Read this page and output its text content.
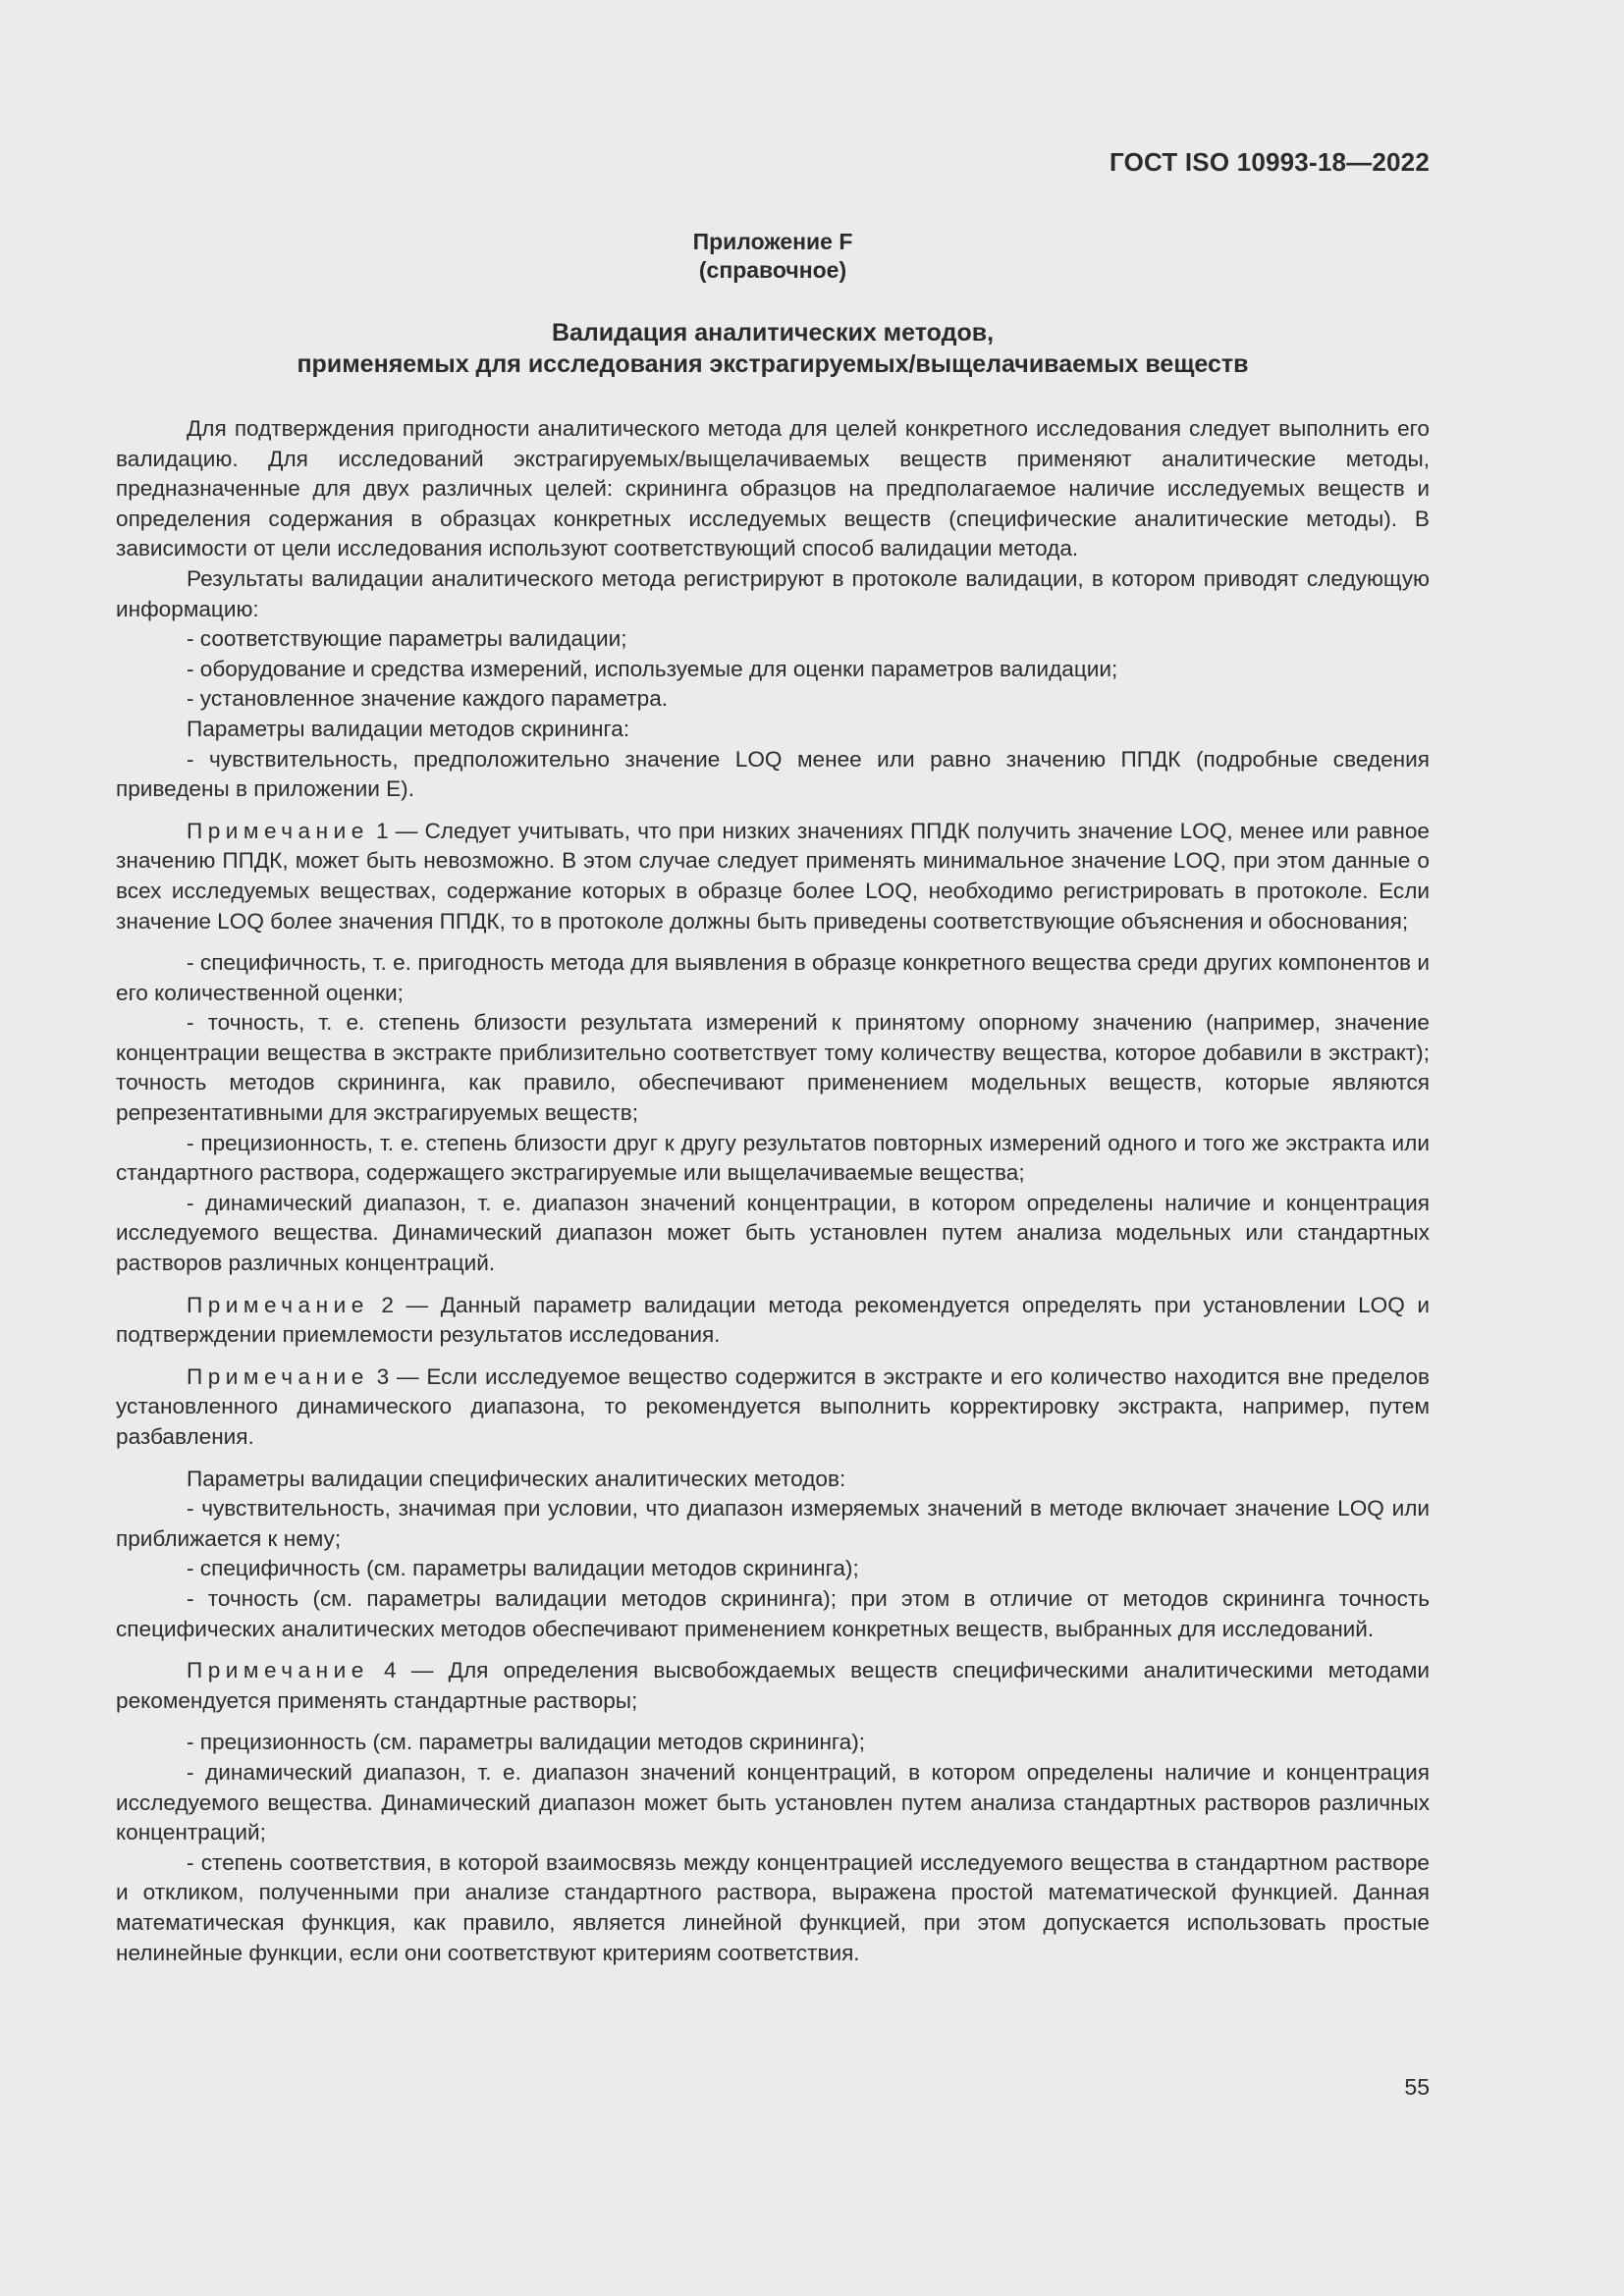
ГОСТ ISO 10993-18—2022
Приложение F
(справочное)
Валидация аналитических методов,
применяемых для исследования экстрагируемых/выщелачиваемых веществ

Для подтверждения пригодности аналитического метода для целей конкретного исследования следует выполнить его валидацию. Для исследований экстрагируемых/выщелачиваемых веществ применяют аналитические методы, предназначенные для двух различных целей: скрининга образцов на предполагаемое наличие исследуемых веществ и определения содержания в образцах конкретных исследуемых веществ (специфические аналитические методы). В зависимости от цели исследования используют соответствующий способ валидации метода.

Результаты валидации аналитического метода регистрируют в протоколе валидации, в котором приводят следующую информацию:

- соответствующие параметры валидации;

- оборудование и средства измерений, используемые для оценки параметров валидации;

- установленное значение каждого параметра.

Параметры валидации методов скрининга:

- чувствительность, предположительно значение LOQ менее или равно значению ППДК (подробные сведения приведены в приложении Е).

Примечание 1 — Следует учитывать, что при низких значениях ППДК получить значение LOQ, менее или равное значению ППДК, может быть невозможно. В этом случае следует применять минимальное значение LOQ, при этом данные о всех исследуемых веществах, содержание которых в образце более LOQ, необходимо регистрировать в протоколе. Если значение LOQ более значения ППДК, то в протоколе должны быть приведены соответствующие объяснения и обоснования;

- специфичность, т. е. пригодность метода для выявления в образце конкретного вещества среди других компонентов и его количественной оценки;

- точность, т. е. степень близости результата измерений к принятому опорному значению (например, значение концентрации вещества в экстракте приблизительно соответствует тому количеству вещества, которое добавили в экстракт); точность методов скрининга, как правило, обеспечивают применением модельных веществ, которые являются репрезентативными для экстрагируемых веществ;

- прецизионность, т. е. степень близости друг к другу результатов повторных измерений одного и того же экстракта или стандартного раствора, содержащего экстрагируемые или выщелачиваемые вещества;

- динамический диапазон, т. е. диапазон значений концентрации, в котором определены наличие и концентрация исследуемого вещества. Динамический диапазон может быть установлен путем анализа модельных или стандартных растворов различных концентраций.

Примечание 2 — Данный параметр валидации метода рекомендуется определять при установлении LOQ и подтверждении приемлемости результатов исследования.

Примечание 3 — Если исследуемое вещество содержится в экстракте и его количество находится вне пределов установленного динамического диапазона, то рекомендуется выполнить корректировку экстракта, например, путем разбавления.

Параметры валидации специфических аналитических методов:

- чувствительность, значимая при условии, что диапазон измеряемых значений в методе включает значение LOQ или приближается к нему;

- специфичность (см. параметры валидации методов скрининга);

- точность (см. параметры валидации методов скрининга); при этом в отличие от методов скрининга точность специфических аналитических методов обеспечивают применением конкретных веществ, выбранных для исследований.

Примечание 4 — Для определения высвобождаемых веществ специфическими аналитическими методами рекомендуется применять стандартные растворы;

- прецизионность (см. параметры валидации методов скрининга);

- динамический диапазон, т. е. диапазон значений концентраций, в котором определены наличие и концентрация исследуемого вещества. Динамический диапазон может быть установлен путем анализа стандартных растворов различных концентраций;

- степень соответствия, в которой взаимосвязь между концентрацией исследуемого вещества в стандартном растворе и откликом, полученными при анализе стандартного раствора, выражена простой математической функцией. Данная математическая функция, как правило, является линейной функцией, при этом допускается использовать простые нелинейные функции, если они соответствуют критериям соответствия.

55
